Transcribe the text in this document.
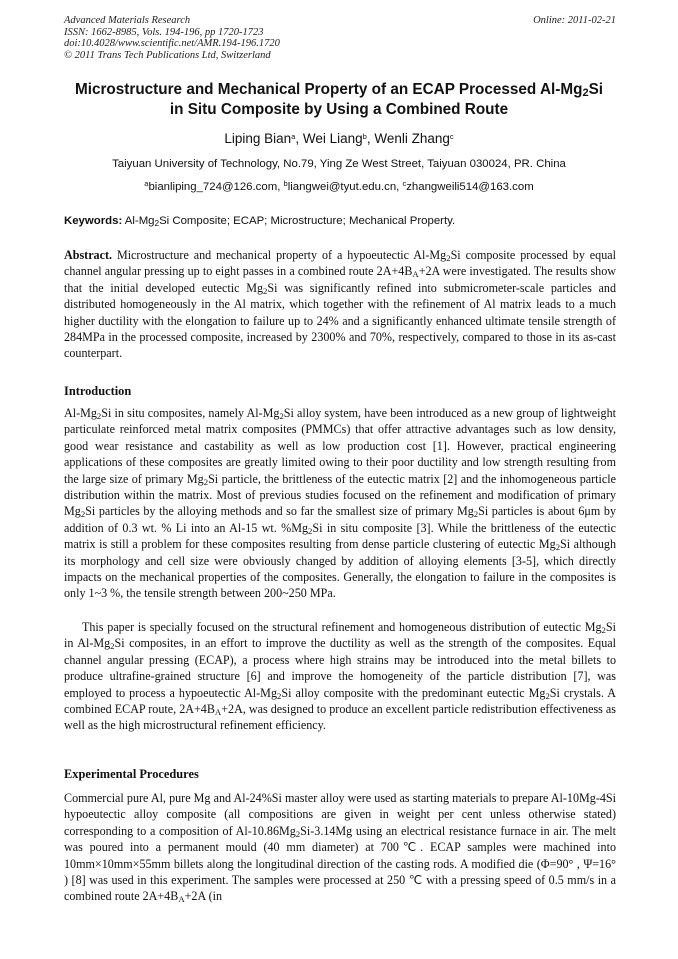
Advanced Materials Research
ISSN: 1662-8985, Vols. 194-196, pp 1720-1723
doi:10.4028/www.scientific.net/AMR.194-196.1720
© 2011 Trans Tech Publications Ltd, Switzerland
Online: 2011-02-21
Microstructure and Mechanical Property of an ECAP Processed $Al-Mg_2Si$
in Situ Composite by Using a Combined Route
Liping Bian$^a$, Wei Liang$^b$, Wenli Zhang$^c$
Taiyuan University of Technology, No.79, Ying Ze West Street, Taiyuan 030024, PR. China
$^a$bianliping_724@126.com, $^b$liangwei@tyut.edu.cn, $^c$zhangweili514@163.com
Keywords: $Al-Mg_2Si$ Composite; ECAP; Microstructure; Mechanical Property.
Abstract. Microstructure and mechanical property of a hypoeutectic $Al-Mg_2Si$ composite processed by equal channel angular pressing up to eight passes in a combined route $2A+4B_A+2A$ were investigated. The results show that the initial developed eutectic $Mg_2Si$ was significantly refined into submicrometer-scale particles and distributed homogeneously in the Al matrix, which together with the refinement of Al matrix leads to a much higher ductility with the elongation to failure up to 24% and a significantly enhanced ultimate tensile strength of 284MPa in the processed composite, increased by 2300% and 70%, respectively, compared to those in its as-cast counterpart.
Introduction
$Al-Mg_2Si$ in situ composites, namely $Al-Mg_2Si$ alloy system, have been introduced as a new group of lightweight particulate reinforced metal matrix composites (PMMCs) that offer attractive advantages such as low density, good wear resistance and castability as well as low production cost [1]. However, practical engineering applications of these composites are greatly limited owing to their poor ductility and low strength resulting from the large size of primary $Mg_2Si$ particle, the brittleness of the eutectic matrix [2] and the inhomogeneous particle distribution within the matrix. Most of previous studies focused on the refinement and modification of primary $Mg_2Si$ particles by the alloying methods and so far the smallest size of primary $Mg_2Si$ particles is about 6μm by addition of 0.3 wt. % Li into an Al-15 wt. $\%Mg_2Si$ in situ composite [3]. While the brittleness of the eutectic matrix is still a problem for these composites resulting from dense particle clustering of eutectic $Mg_2Si$ although its morphology and cell size were obviously changed by addition of alloying elements [3-5], which directly impacts on the mechanical properties of the composites. Generally, the elongation to failure in the composites is only 1~3 %, the tensile strength between 200~250 MPa.
This paper is specially focused on the structural refinement and homogeneous distribution of eutectic $Mg_2Si$ in $Al-Mg_2Si$ composites, in an effort to improve the ductility as well as the strength of the composites. Equal channel angular pressing (ECAP), a process where high strains may be introduced into the metal billets to produce ultrafine-grained structure [6] and improve the homogeneity of the particle distribution [7], was employed to process a hypoeutectic $Al-Mg_2Si$ alloy composite with the predominant eutectic $Mg_2Si$ crystals. A combined ECAP route, $2A+4B_A+2A$, was designed to produce an excellent particle redistribution effectiveness as well as the high microstructural refinement efficiency.
Experimental Procedures
Commercial pure Al, pure Mg and Al-24%Si master alloy were used as starting materials to prepare Al-10Mg-4Si hypoeutectic alloy composite (all compositions are given in weight per cent unless otherwise stated) corresponding to a composition of $Al-10.86Mg_2Si-3.14Mg$ using an electrical resistance furnace in air. The melt was poured into a permanent mould (40 mm diameter) at 700℃. ECAP samples were machined into 10mm×10mm×55mm billets along the longitudinal direction of the casting rods. A modified die (Φ=90° , Ψ=16° ) [8] was used in this experiment. The samples were processed at 250 ℃ with a pressing speed of 0.5 mm/s in a combined route $2A+4B_A+2A$ (in
